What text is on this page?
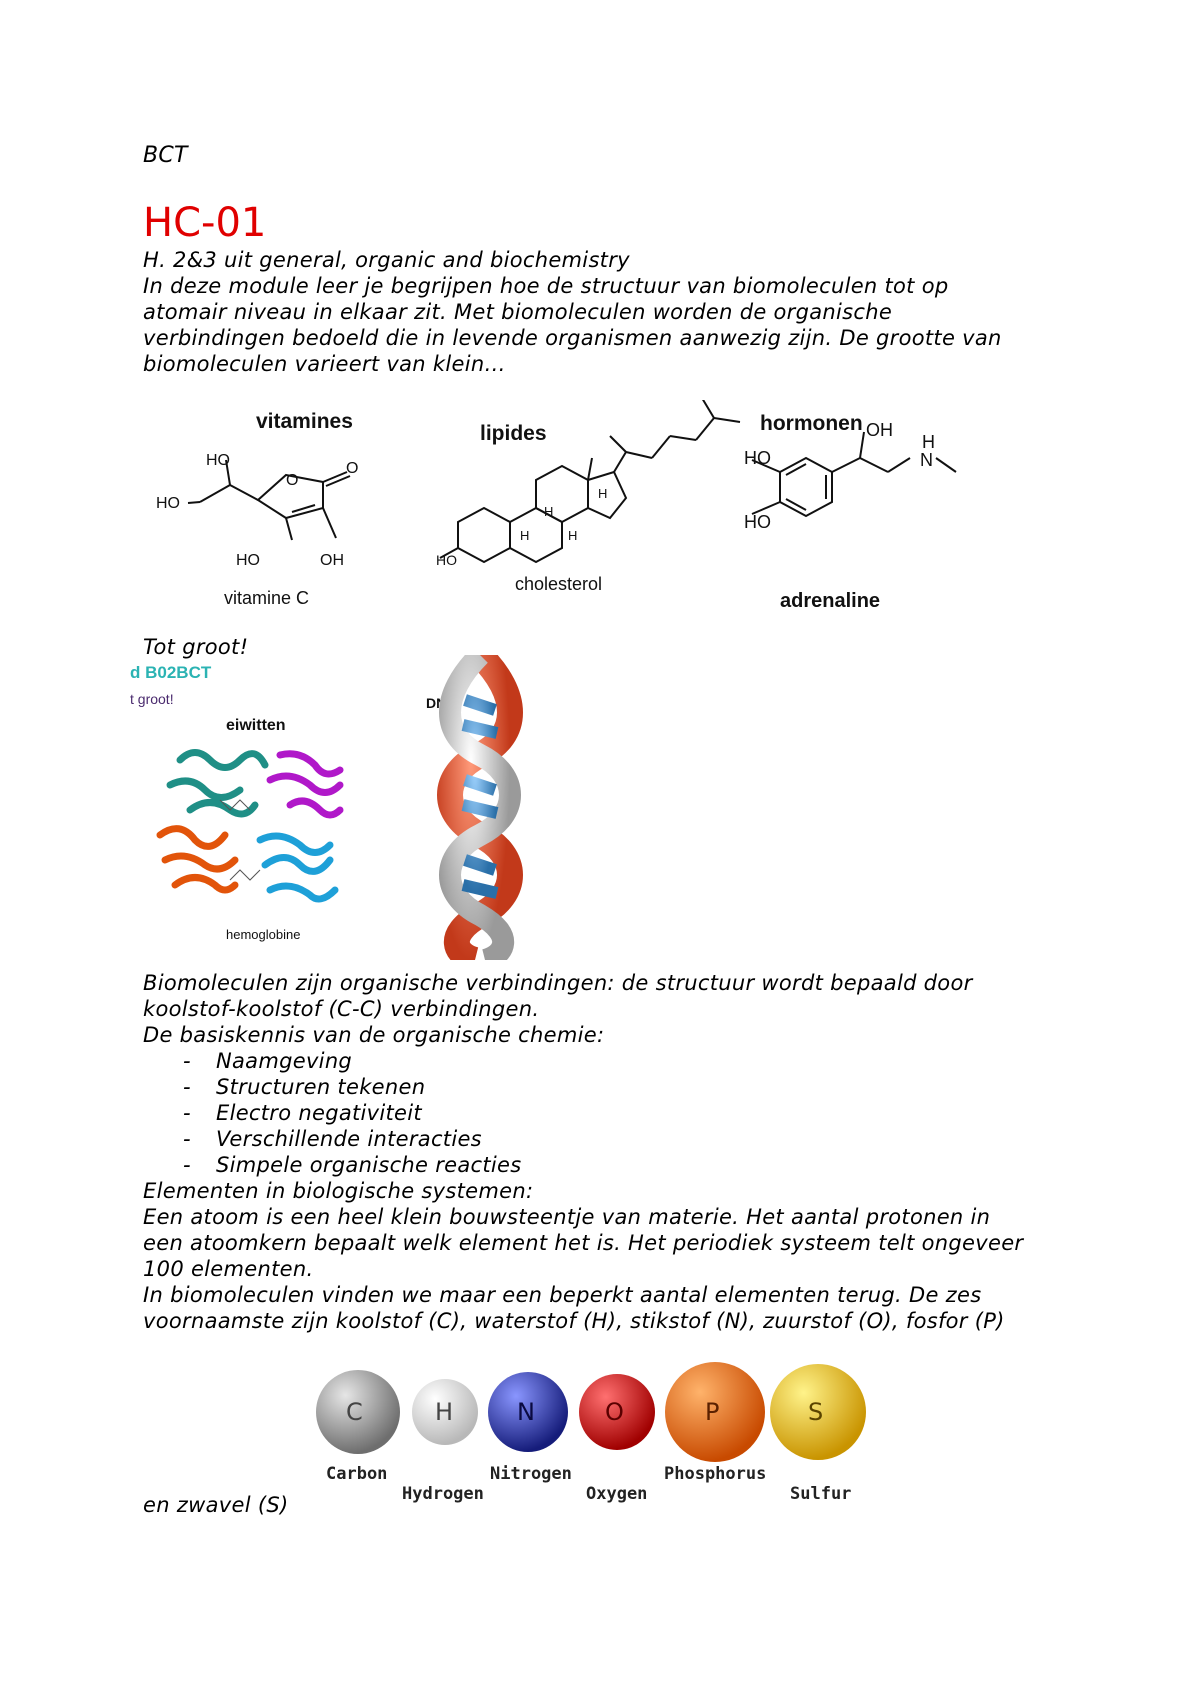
BCT
HC-01
H. 2&3 uit general, organic and biochemistry
In deze module leer je begrijpen hoe de structuur van biomoleculen tot op
atomair niveau in elkaar zit. Met biomoleculen worden de organische
verbindingen bedoeld die in levende organismen aanwezig zijn. De grootte van
biomoleculen varieert van klein…
vitamines
HO
HO
O
O
HO	OH
vitamine C
lipides
HO
H
H	H
H
cholesterol
hormonen OH
H
N
HO
HO
adrenaline
Tot groot!
d B02BCT
t groot!
eiwitten
DNA
hemoglobine
Biomoleculen zijn organische verbindingen: de structuur wordt bepaald door
koolstof-koolstof (C-C) verbindingen.
De basiskennis van de organische chemie:
- Naamgeving
- Structuren tekenen
- Electro negativiteit
- Verschillende interacties
- Simpele organische reacties
Elementen in biologische systemen:
Een atoom is een heel klein bouwsteentje van materie. Het aantal protonen in
een atoomkern bepaalt welk element het is. Het periodiek systeem telt ongeveer
100 elementen.
In biomoleculen vinden we maar een beperkt aantal elementen terug. De zes
voornaamste zijn koolstof (C), waterstof (H), stikstof (N), zuurstof (O), fosfor (P)
C	H	N	O	P	S
Carbon
Hydrogen
Nitrogen
Oxygen
Phosphorus
Sulfur
en zwavel (S)
